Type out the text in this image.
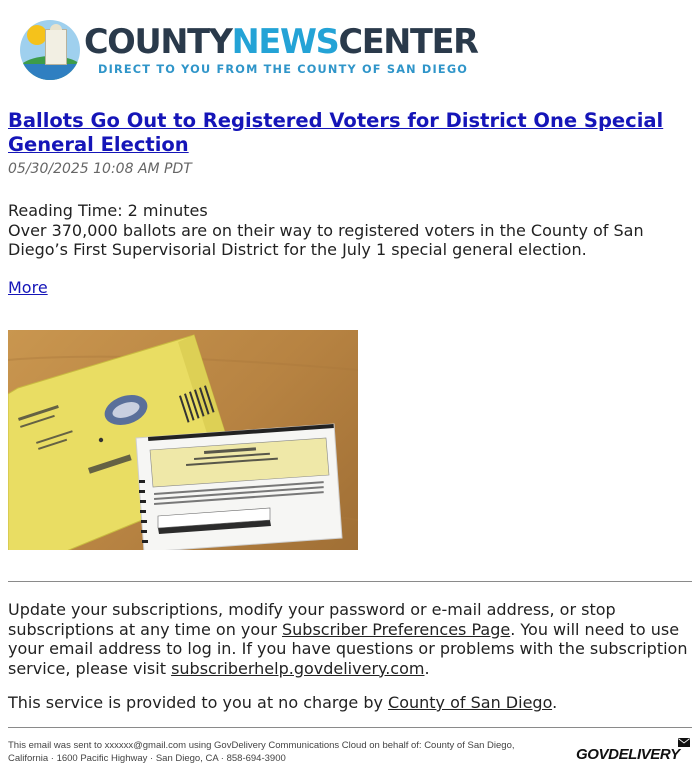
COUNTYNEWSCENTER
DIRECT TO YOU FROM THE COUNTY OF SAN DIEGO
Ballots Go Out to Registered Voters for District One Special General Election
05/30/2025 10:08 AM PDT
Reading Time: 2 minutes
Over 370,000 ballots are on their way to registered voters in the County of San Diego’s First Supervisorial District for the July 1 special general election.
More

Update your subscriptions, modify your password or e-mail address, or stop subscriptions at any time on your Subscriber Preferences Page. You will need to use your email address to log in. If you have questions or problems with the subscription service, please visit subscriberhelp.govdelivery.com.

This service is provided to you at no charge by County of San Diego.

This email was sent to xxxxxx@gmail.com using GovDelivery Communications Cloud on behalf of: County of San Diego, California · 1600 Pacific Highway · San Diego, CA · 858-694-3900	GOVDELIVERY
